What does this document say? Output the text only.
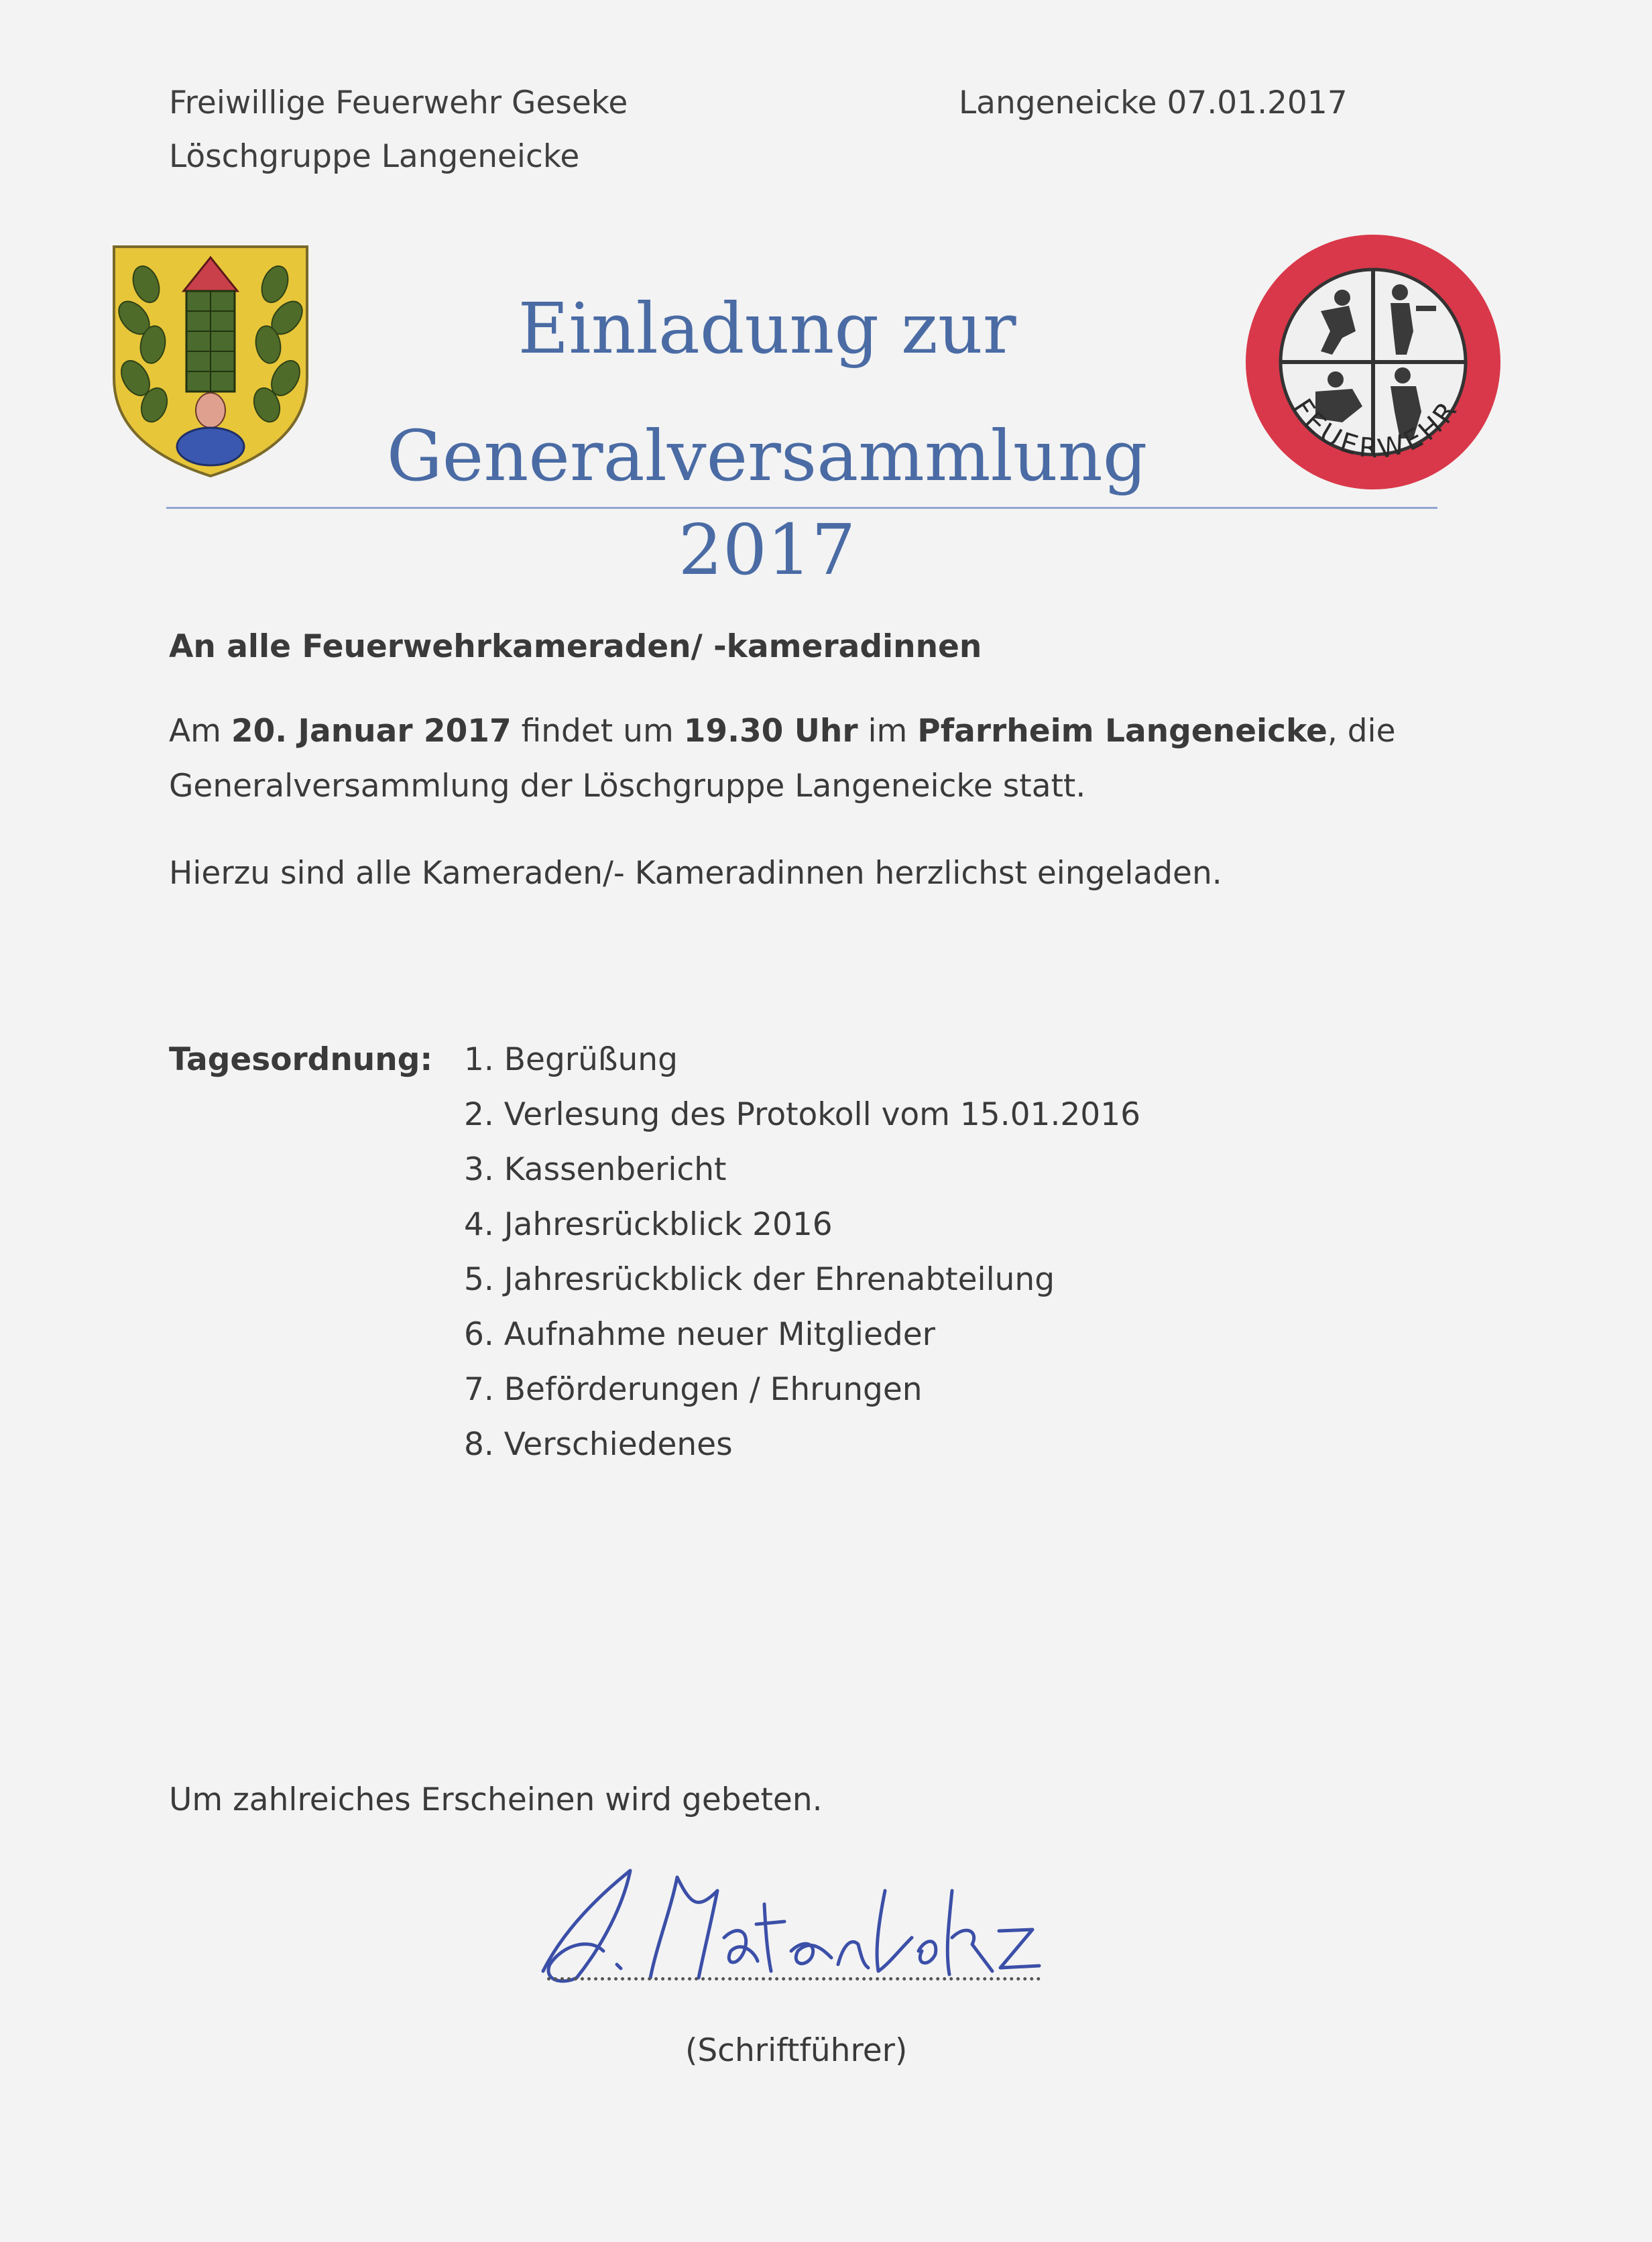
Freiwillige Feuerwehr Geseke
Löschgruppe Langeneicke
Langeneicke 07.01.2017
Einladung zur
Generalversammlung 2017
FEUERWEHR
An alle Feuerwehrkameraden/ -kameradinnen
Am 20. Januar 2017 findet um 19.30 Uhr im Pfarrheim Langeneicke, die
Generalversammlung der Löschgruppe Langeneicke statt.
Hierzu sind alle Kameraden/- Kameradinnen herzlichst eingeladen.
Tagesordnung: 1. Begrüßung
2. Verlesung des Protokoll vom 15.01.2016
3. Kassenbericht
4. Jahresrückblick 2016
5. Jahresrückblick der Ehrenabteilung
6. Aufnahme neuer Mitglieder
7. Beförderungen / Ehrungen
8. Verschiedenes
Um zahlreiches Erscheinen wird gebeten.
(Schriftführer)
